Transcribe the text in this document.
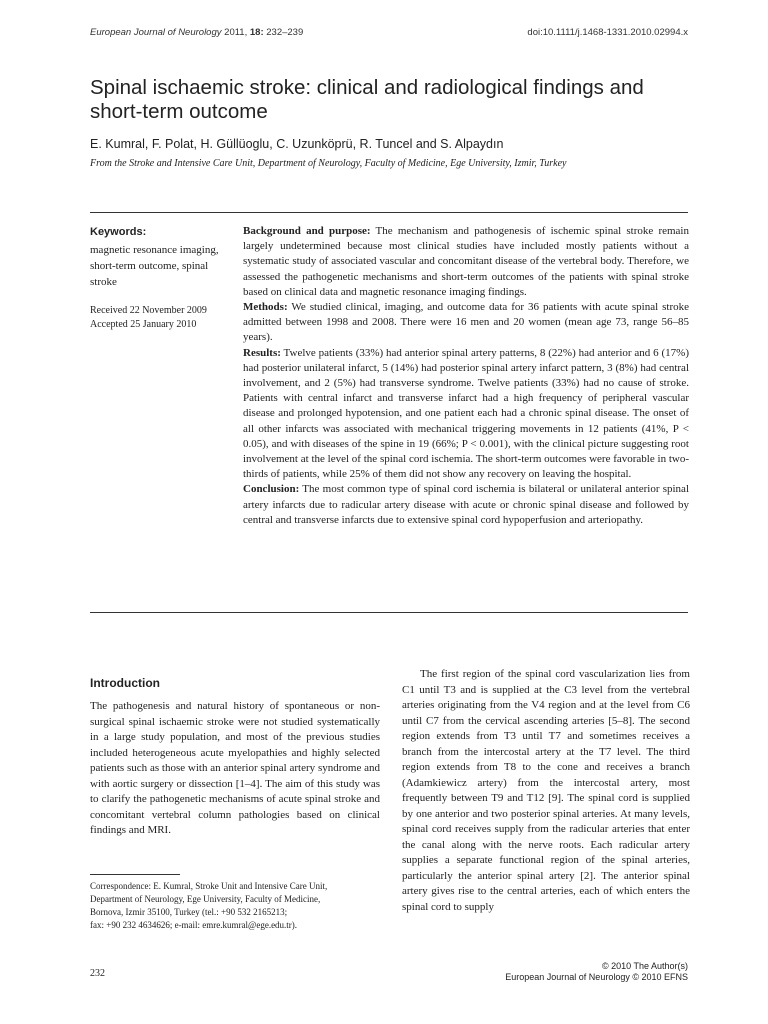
European Journal of Neurology 2011, 18: 232–239	doi:10.1111/j.1468-1331.2010.02994.x
Spinal ischaemic stroke: clinical and radiological findings and short-term outcome
E. Kumral, F. Polat, H. Güllüoglu, C. Uzunköprü, R. Tuncel and S. Alpaydın
From the Stroke and Intensive Care Unit, Department of Neurology, Faculty of Medicine, Ege University, Izmir, Turkey
Keywords:
magnetic resonance imaging, short-term outcome, spinal stroke
Received 22 November 2009
Accepted 25 January 2010

Background and purpose: The mechanism and pathogenesis of ischemic spinal stroke remain largely undetermined because most clinical studies have included mostly patients without a systematic study of associated vascular and concomitant disease of the vertebral body. Therefore, we assessed the pathogenetic mechanisms and short-term outcomes of the patients with spinal stroke based on clinical data and magnetic resonance imaging findings.

Methods: We studied clinical, imaging, and outcome data for 36 patients with acute spinal stroke admitted between 1998 and 2008. There were 16 men and 20 women (mean age 73, range 56–85 years).

Results: Twelve patients (33%) had anterior spinal artery patterns, 8 (22%) had anterior and 6 (17%) had posterior unilateral infarct, 5 (14%) had posterior spinal artery infarct pattern, 3 (8%) had central involvement, and 2 (5%) had transverse syndrome. Twelve patients (33%) had no cause of stroke. Patients with central infarct and transverse infarct had a high frequency of peripheral vascular disease and prolonged hypotension, and one patient each had a chronic spinal disease. The onset of all other infarcts was associated with mechanical triggering movements in 12 patients (41%, P < 0.05), and with diseases of the spine in 19 (66%; P < 0.001), with the clinical picture suggesting root involvement at the level of the spinal cord ischemia. The short-term outcomes were favorable in two-thirds of patients, while 25% of them did not show any recovery on leaving the hospital.

Conclusion: The most common type of spinal cord ischemia is bilateral or unilateral anterior spinal artery infarcts due to radicular artery disease with acute or chronic spinal disease and followed by central and transverse infarcts due to extensive spinal cord hypoperfusion and arteriopathy.

Introduction
The pathogenesis and natural history of spontaneous or non-surgical spinal ischaemic stroke were not studied systematically in a large study population, and most of the previous studies included heterogeneous acute myelopathies and highly selected patients such as those with an anterior spinal artery syndrome and with aortic surgery or dissection [1–4]. The aim of this study was to clarify the pathogenetic mechanisms of acute spinal stroke and concomitant vertebral column pathologies based on clinical findings and MRI.
The first region of the spinal cord vascularization lies from C1 until T3 and is supplied at the C3 level from the vertebral arteries originating from the V4 region and at the level from C6 until C7 from the cervical ascending arteries [5–8]. The second region extends from T3 until T7 and sometimes receives a branch from the intercostal artery at the T7 level. The third region extends from T8 to the cone and receives a branch (Adamkiewicz artery) from the intercostal artery, most frequently between T9 and T12 [9]. The spinal cord is supplied by one anterior and two posterior spinal arteries. At many levels, spinal cord receives supply from the radicular arteries that enter the canal along with the nerve roots. Each radicular artery supplies a separate functional region of the spinal arteries, particularly the anterior spinal artery [2]. The anterior spinal artery gives rise to the central arteries, each of which enters the spinal cord to supply
Correspondence: E. Kumral, Stroke Unit and Intensive Care Unit,
Department of Neurology, Ege University, Faculty of Medicine,
Bornova, Izmir 35100, Turkey (tel.: +90 532 2165213;
fax: +90 232 4634626; e-mail: emre.kumral@ege.edu.tr).
232
© 2010 The Author(s)
European Journal of Neurology © 2010 EFNS
